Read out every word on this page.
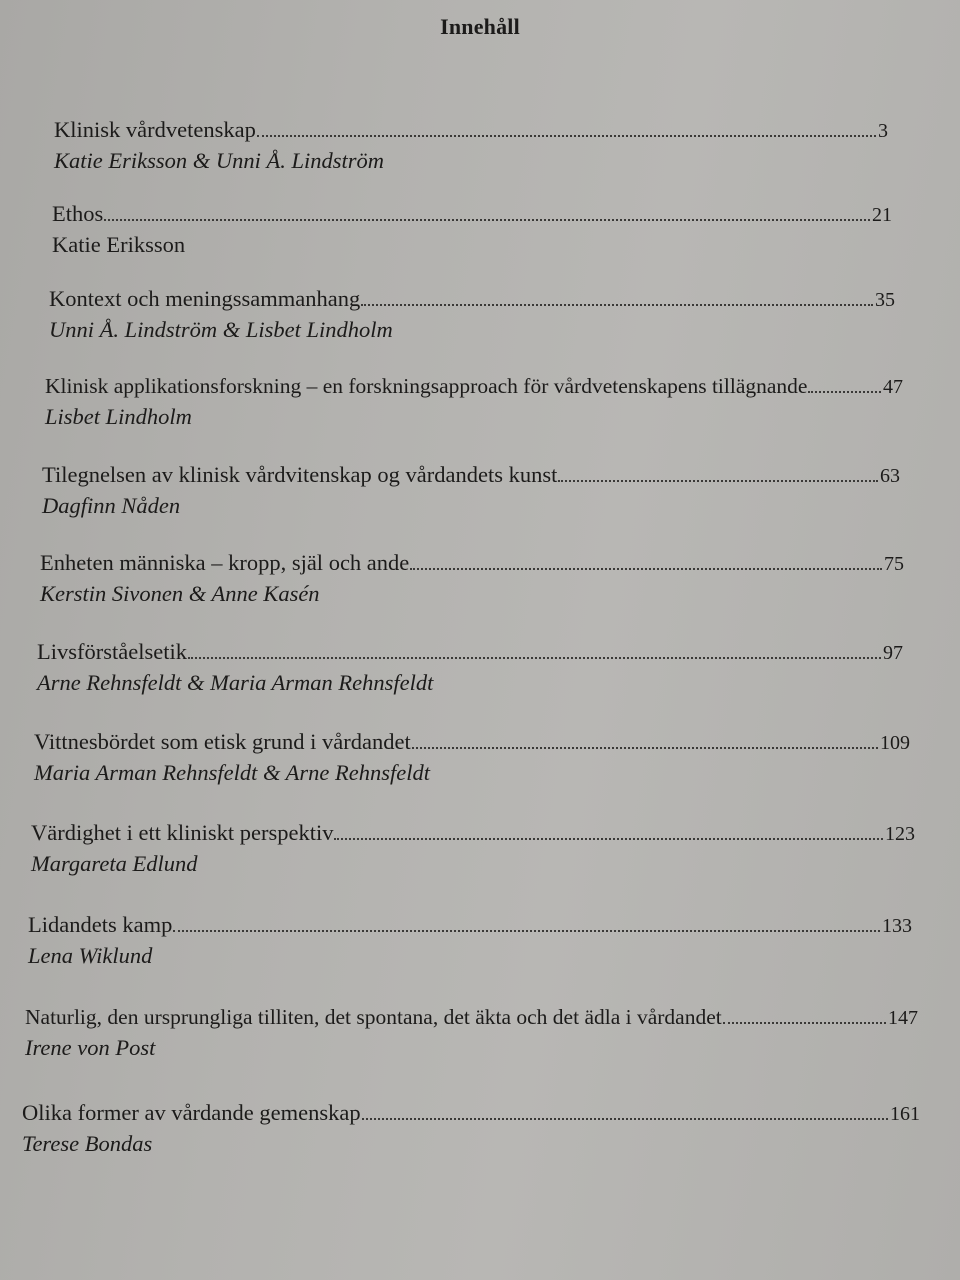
Innehåll
Klinisk vårdvetenskap	3
Katie Eriksson & Unni Å. Lindström
Ethos	21
Katie Eriksson
Kontext och meningssammanhang	35
Unni Å. Lindström & Lisbet Lindholm
Klinisk applikationsforskning – en forskningsapproach för vårdvetenskapens tillägnande	47
Lisbet Lindholm
Tilegnelsen av klinisk vårdvitenskap og vårdandets kunst	63
Dagfinn Nåden
Enheten människa – kropp, själ och ande	75
Kerstin Sivonen & Anne Kasén
Livsförståelsetik	97
Arne Rehnsfeldt & Maria Arman Rehnsfeldt
Vittnesbördet som etisk grund i vårdandet	109
Maria Arman Rehnsfeldt & Arne Rehnsfeldt
Värdighet i ett kliniskt perspektiv	123
Margareta Edlund
Lidandets kamp	133
Lena Wiklund
Naturlig, den ursprungliga tilliten, det spontana, det äkta och det ädla i vårdandet	147
Irene von Post
Olika former av vårdande gemenskap	161
Terese Bondas
